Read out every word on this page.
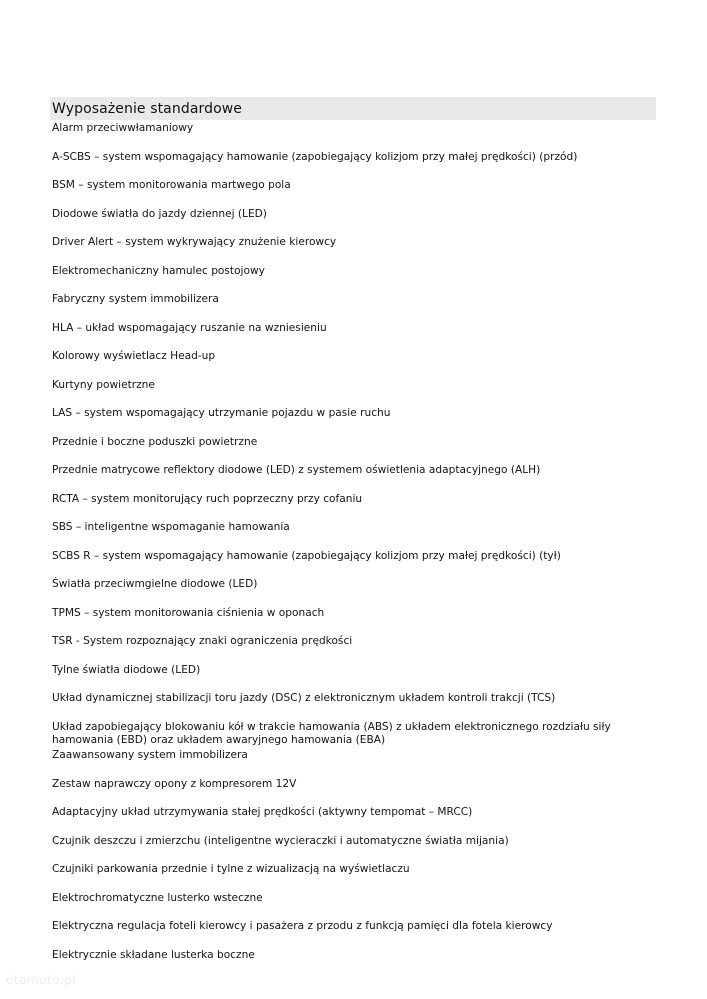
Wyposażenie standardowe
Alarm przeciwwłamaniowy
A-SCBS – system wspomagający hamowanie (zapobiegający kolizjom przy małej prędkości) (przód)
BSM – system monitorowania martwego pola
Diodowe światła do jazdy dziennej (LED)
Driver Alert – system wykrywający znużenie kierowcy
Elektromechaniczny hamulec postojowy
Fabryczny system immobilizera
HLA – układ wspomagający ruszanie na wzniesieniu
Kolorowy wyświetlacz Head-up
Kurtyny powietrzne
LAS – system wspomagający utrzymanie pojazdu w pasie ruchu
Przednie i boczne poduszki powietrzne
Przednie matrycowe reflektory diodowe (LED) z systemem oświetlenia adaptacyjnego (ALH)
RCTA – system monitorujący ruch poprzeczny przy cofaniu
SBS – inteligentne wspomaganie hamowania
SCBS R – system wspomagający hamowanie (zapobiegający kolizjom przy małej prędkości) (tył)
Światła przeciwmgielne diodowe (LED)
TPMS – system monitorowania ciśnienia w oponach
TSR - System rozpoznający znaki ograniczenia prędkości
Tylne światła diodowe (LED)
Układ dynamicznej stabilizacji toru jazdy (DSC) z elektronicznym układem kontroli trakcji (TCS)
Układ zapobiegający blokowaniu kół w trakcie hamowania (ABS) z układem elektronicznego rozdziału siły hamowania (EBD) oraz układem awaryjnego hamowania (EBA)
Zaawansowany system immobilizera
Zestaw naprawczy opony z kompresorem 12V
Adaptacyjny układ utrzymywania stałej prędkości (aktywny tempomat – MRCC)
Czujnik deszczu i zmierzchu (inteligentne wycieraczki i automatyczne światła mijania)
Czujniki parkowania przednie i tylne z wizualizacją na wyświetlaczu
Elektrochromatyczne lusterko wsteczne
Elektryczna regulacja foteli kierowcy i pasażera z przodu z funkcją pamięci dla fotela kierowcy
Elektrycznie składane lusterka boczne
otomoto.pl
